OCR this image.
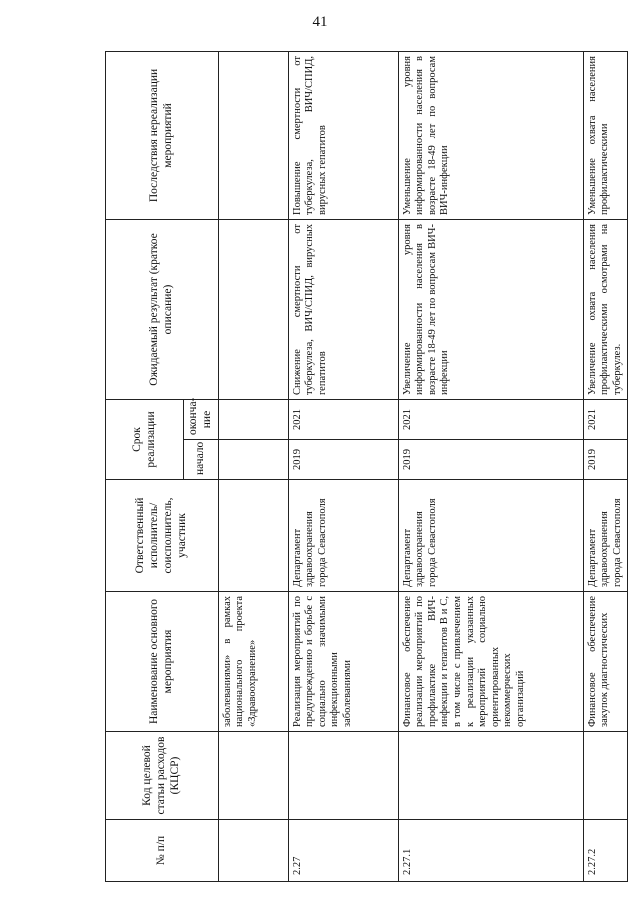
41
№ п/п	Код целевой статьи расходов (КЦСР)	Наименование основного мероприятия	Ответственный исполнитель/ соисполнитель, участник	Срок реализации		Ожидаемый результат (краткое описание)	Последствия нереализации мероприятий
				начало	оконча-ние		
		заболеваниями» в рамках национального проекта «Здравоохранение»					
2.27		Реализация мероприятий по предупреждению и борьбе с социально значимыми инфекционными заболеваниями	Департамент здравоохранения города Севастополя	2019	2021	Снижение смертности от туберкулеза, ВИЧ/СПИД, вирусных гепатитов	Повышение смертности от туберкулеза, ВИЧ/СПИД, вирусных гепатитов
2.27.1		Финансовое обеспечение реализации мероприятий по профилактике ВИЧ-инфекции и гепатитов В и С, в том числе с привлечением к реализации указанных мероприятий социально ориентированных некоммерческих организаций	Департамент здравоохранения города Севастополя	2019	2021	Увеличение уровня информированности населения в возрасте 18-49 лет по вопросам ВИЧ-инфекции	Уменьшение уровня информированности населения в возрасте 18-49 лет по вопросам ВИЧ-инфекции
2.27.2		Финансовое обеспечение закупок диагностических	Департамент здравоохранения города Севастополя	2019	2021	Увеличение охвата населения профилактическими осмотрами на туберкулез.	Уменьшение охвата населения профилактическими
